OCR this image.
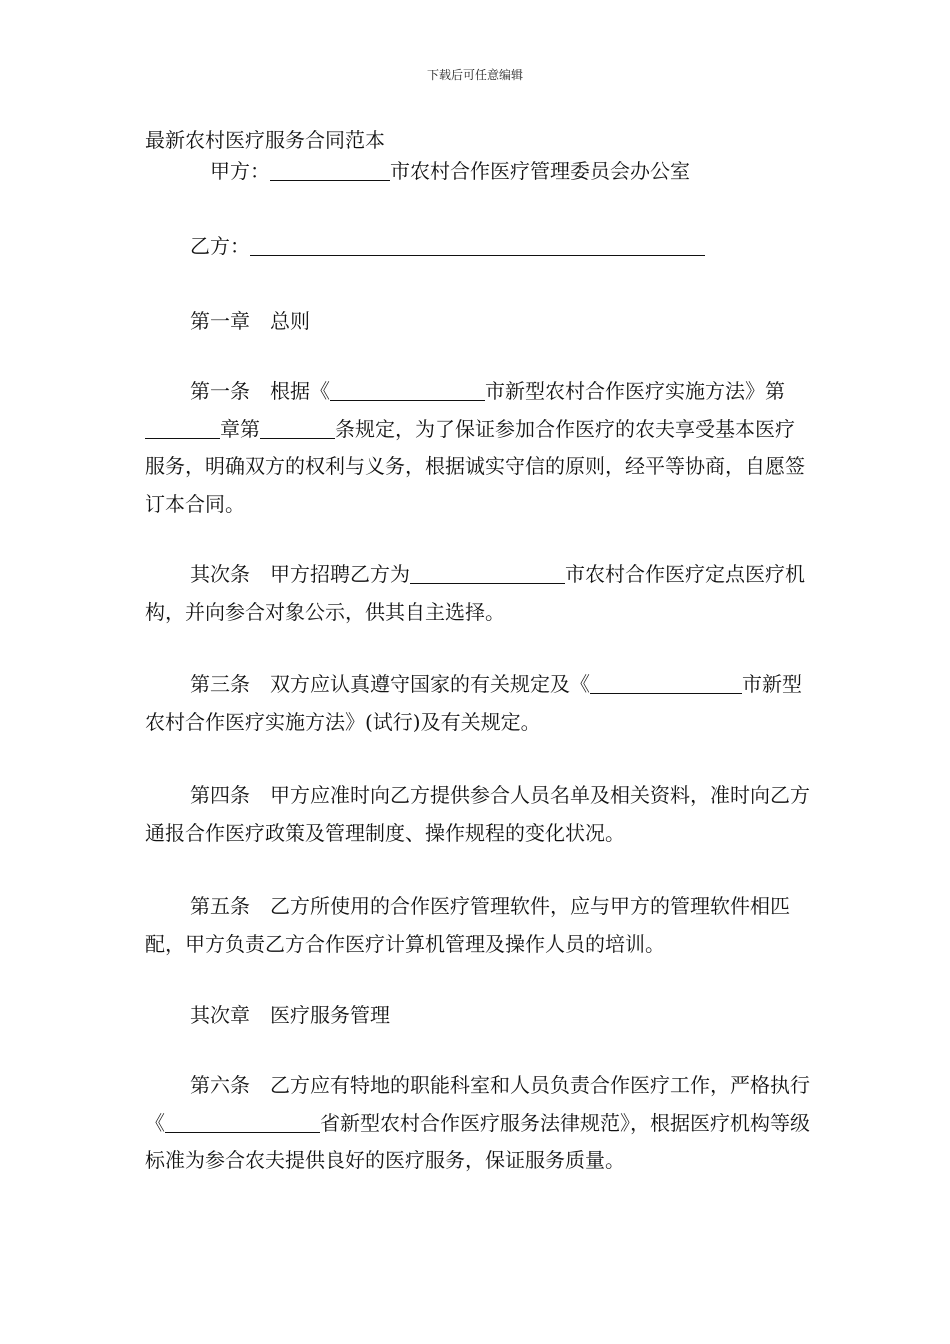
下载后可任意编辑
最新农村医疗服务合同范本
甲方：	市农村合作医疗管理委员会办公室
乙方：
第一章 总则
第一条 根据《	市新型农村合作医疗实施方法》第章第	条规定，为了保证参加合作医疗的农夫享受基本医疗服务，明确双方的权利与义务，根据诚实守信的原则，经平等协商，自愿签订本合同。
其次条 甲方招聘乙方为	市农村合作医疗定点医疗机构，并向参合对象公示，供其自主选择。
第三条 双方应认真遵守国家的有关规定及《	市新型农村合作医疗实施方法》(试行)及有关规定。
第四条 甲方应准时向乙方提供参合人员名单及相关资料，准时向乙方通报合作医疗政策及管理制度、操作规程的变化状况。
第五条 乙方所使用的合作医疗管理软件，应与甲方的管理软件相匹配，甲方负责乙方合作医疗计算机管理及操作人员的培训。
其次章 医疗服务管理
第六条 乙方应有特地的职能科室和人员负责合作医疗工作，严格执行《	省新型农村合作医疗服务法律规范》，根据医疗机构等级标准为参合农夫提供良好的医疗服务，保证服务质量。
